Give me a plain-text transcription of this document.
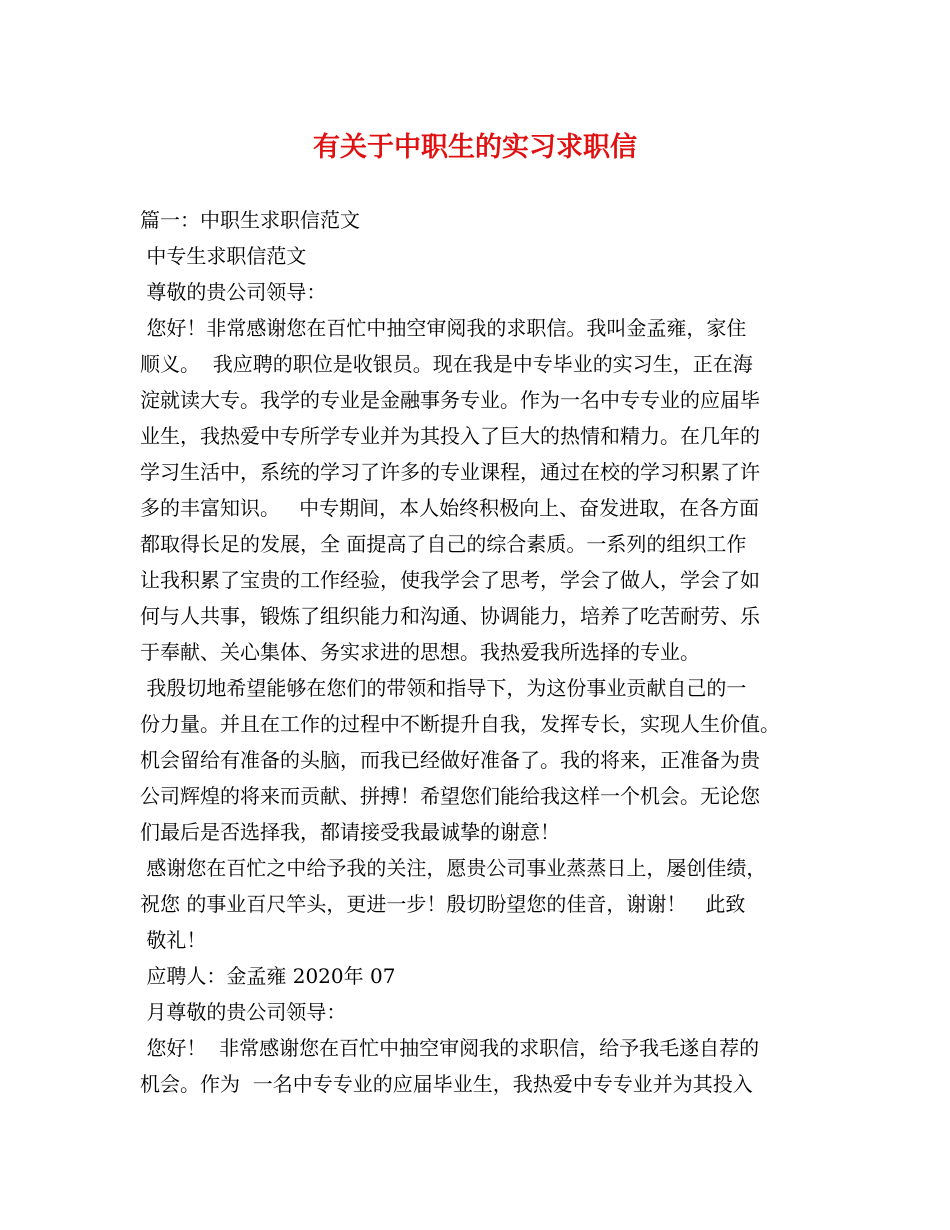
有关于中职生的实习求职信
篇一：中职生求职信范文
中专生求职信范文
尊敬的贵公司领导：
您好！非常感谢您在百忙中抽空审阅我的求职信。我叫金孟雍，家住
顺义。  我应聘的职位是收银员。现在我是中专毕业的实习生，正在海
淀就读大专。我学的专业是金融事务专业。作为一名中专专业的应届毕
业生，我热爱中专所学专业并为其投入了巨大的热情和精力。在几年的
学习生活中，系统的学习了许多的专业课程，通过在校的学习积累了许
多的丰富知识。   中专期间，本人始终积极向上、奋发进取，在各方面
都取得长足的发展，全 面提高了自己的综合素质。一系列的组织工作
让我积累了宝贵的工作经验，使我学会了思考，学会了做人，学会了如
何与人共事，锻炼了组织能力和沟通、协调能力，培养了吃苦耐劳、乐
于奉献、关心集体、务实求进的思想。我热爱我所选择的专业。
我殷切地希望能够在您们的带领和指导下，为这份事业贡献自己的一
份力量。并且在工作的过程中不断提升自我，发挥专长，实现人生价值。
机会留给有准备的头脑，而我已经做好准备了。我的将来，正准备为贵
公司辉煌的将来而贡献、拼搏！希望您们能给我这样一个机会。无论您
们最后是否选择我，都请接受我最诚挚的谢意！
感谢您在百忙之中给予我的关注，愿贵公司事业蒸蒸日上，屡创佳绩，
祝您 的事业百尺竿头，更进一步！殷切盼望您的佳音，谢谢！   此致
敬礼！
应聘人：金孟雍 2020年 07
月尊敬的贵公司领导：
您好！  非常感谢您在百忙中抽空审阅我的求职信，给予我毛遂自荐的
机会。作为  一名中专专业的应届毕业生，我热爱中专专业并为其投入
